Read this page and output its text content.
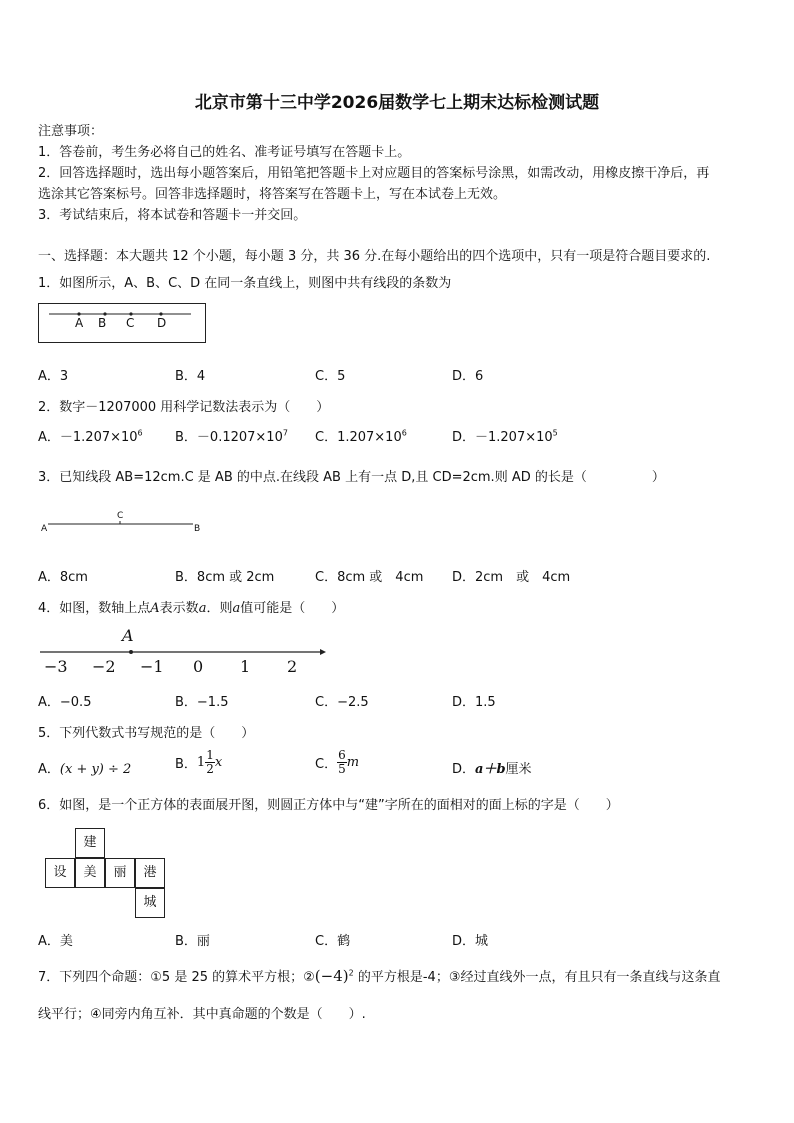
北京市第十三中学2026届数学七上期末达标检测试题
注意事项：
1．答卷前，考生务必将自己的姓名、准考证号填写在答题卡上。
2．回答选择题时，选出每小题答案后，用铅笔把答题卡上对应题目的答案标号涂黑，如需改动，用橡皮擦干净后，再
选涂其它答案标号。回答非选择题时，将答案写在答题卡上，写在本试卷上无效。
3．考试结束后，将本试卷和答题卡一并交回。
一、选择题：本大题共 12 个小题，每小题 3 分，共 36 分.在每小题给出的四个选项中，只有一项是符合题目要求的.
1．如图所示，A、B、C、D 在同一条直线上，则图中共有线段的条数为
A B C D
A．3	B．4	C．5	D．6
2．数字－1207000 用科学记数法表示为（　　）
A．$-1.207\times 10^6$ B．$-0.1207\times 10^7$ C．$1.207\times 10^6$	D．$-1.207\times 10^5$
3．已知线段 AB=12cm.C 是 AB 的中点.在线段 AB 上有一点 D,且 CD=2cm.则 AD 的长是（　　　　　）
A
C
B
A．8cm	B．8cm 或 2cm	C．8cm 或　4cm D．2cm　或　4cm
4．如图，数轴上点A表示数a．则a值可能是（　　）
A
−3 −2 −1 0 1 2
A．−0.5	B．−1.5	C．−2.5	D．1.5
5．下列代数式书写规范的是（　　）
A．(x + y) ÷ 2	B．$1 \frac{1}{2}$ x	C． $\frac{6}{5}$ m	D．a＋b厘米
6．如图，是一个正方体的表面展开图，则圆正方体中与“建”字所在的面相对的面上标的字是（　　）
建
设	美	丽	港
城
A．美	B．丽	C．鹤	D．城
7．下列四个命题：①5 是 25 的算术平方根；$②(-4)^2$ 的平方根是-4；③经过直线外一点，有且只有一条直线与这条直
线平行；④同旁内角互补．其中真命题的个数是（　　）.
